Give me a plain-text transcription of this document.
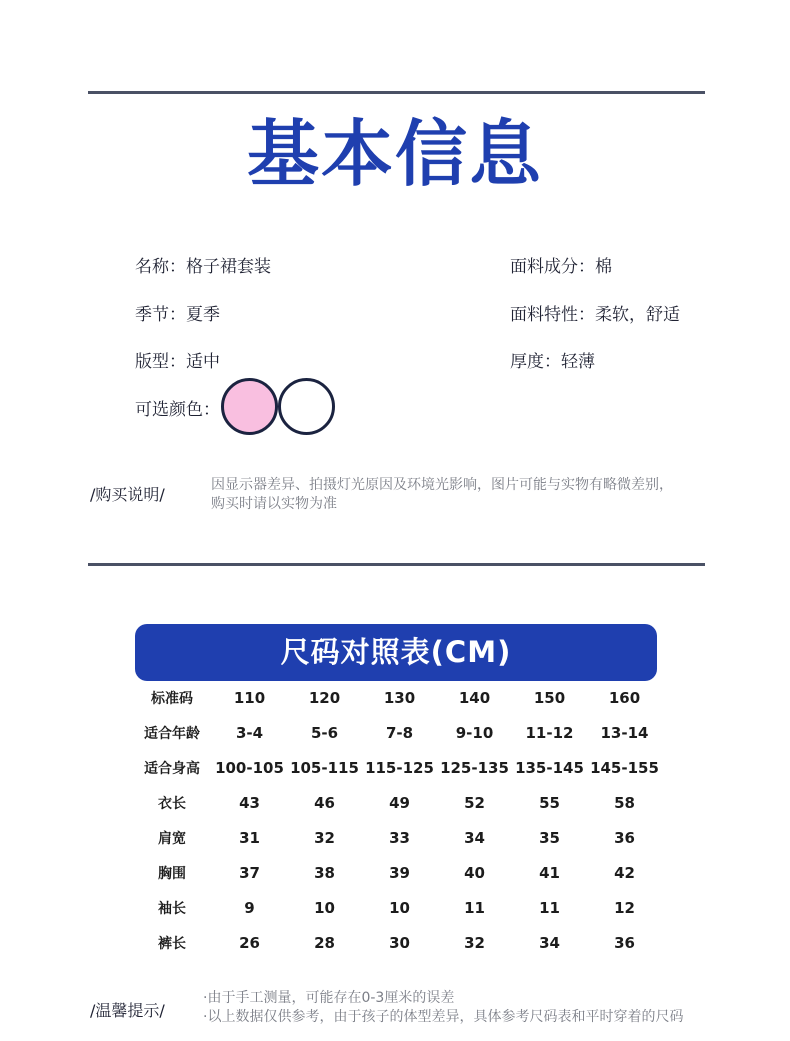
基本信息
名称：格子裙套装
季节：夏季
版型：适中
面料成分：棉
面料特性：柔软，舒适
厚度：轻薄
可选颜色：
/购买说明/	因显示器差异、拍摄灯光原因及环境光影响，图片可能与实物有略微差别，
购买时请以实物为准
尺码对照表(CM)
标准码	110	120	130	140	150	160
适合年龄	3-4	5-6	7-8	9-10	11-12	13-14
适合身高	100-105	105-115	115-125	125-135	135-145	145-155
衣长	43	46	49	52	55	58
肩宽	31	32	33	34	35	36
胸围	37	38	39	40	41	42
袖长	9	10	10	11	11	12
裤长	26	28	30	32	34	36
/温馨提示/
·由于手工测量，可能存在0-3厘米的误差
·以上数据仅供参考，由于孩子的体型差异，具体参考尺码表和平时穿着的尺码
